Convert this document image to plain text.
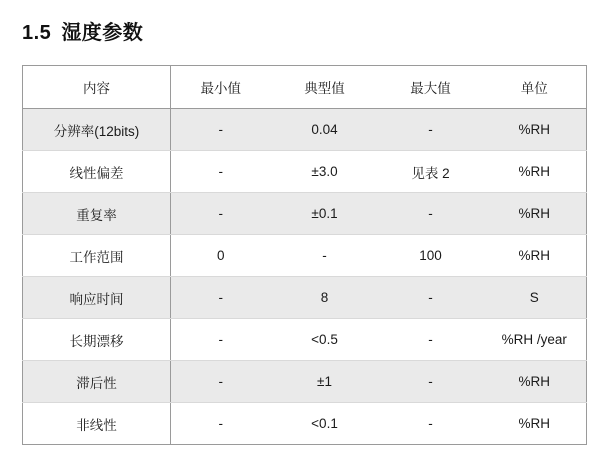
1.5 湿度参数
内容	最小值	典型值	最大值	单位
分辨率(12bits)	-	0.04	-	%RH
线性偏差	-	±3.0	见表 2	%RH
重复率	-	±0.1	-	%RH
工作范围	0	-	100	%RH
响应时间	-	8	-	S
长期漂移	-	<0.5	-	%RH /year
滞后性	-	±1	-	%RH
非线性	-	<0.1	-	%RH
